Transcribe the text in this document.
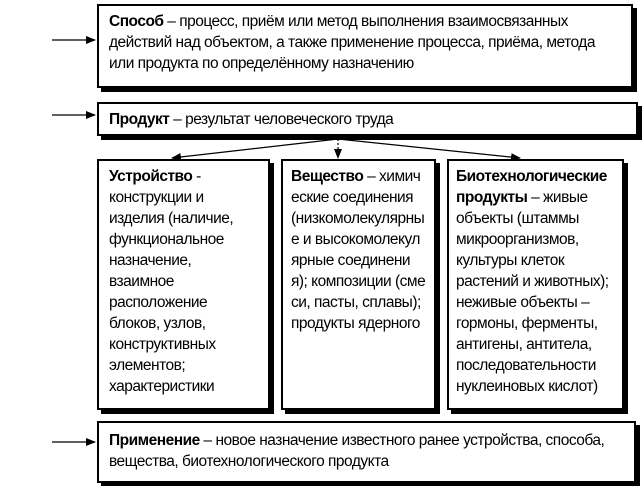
Способ – процесс, приём или метод выполнения взаимосвязанных действий над объектом, а также применение процесса, приёма, метода или продукта по определённому назначению
Продукт – результат человеческого труда
Устройство - конструкции и изделия (наличие, функциональное назначение, взаимное расположение блоков, узлов, конструктивных элементов; характеристики
Вещество – химические соединения (низкомолекулярные и высокомолекулярные соединения); композиции (смеси, пасты, сплавы); продукты ядерного
Биотехнологические продукты – живые объекты (штаммы микроорганизмов, культуры клеток растений и животных); неживые объекты – гормоны, ферменты, антигены, антитела, последовательности нуклеиновых кислот)
Применение – новое назначение известного ранее устройства, способа, вещества, биотехнологического продукта
